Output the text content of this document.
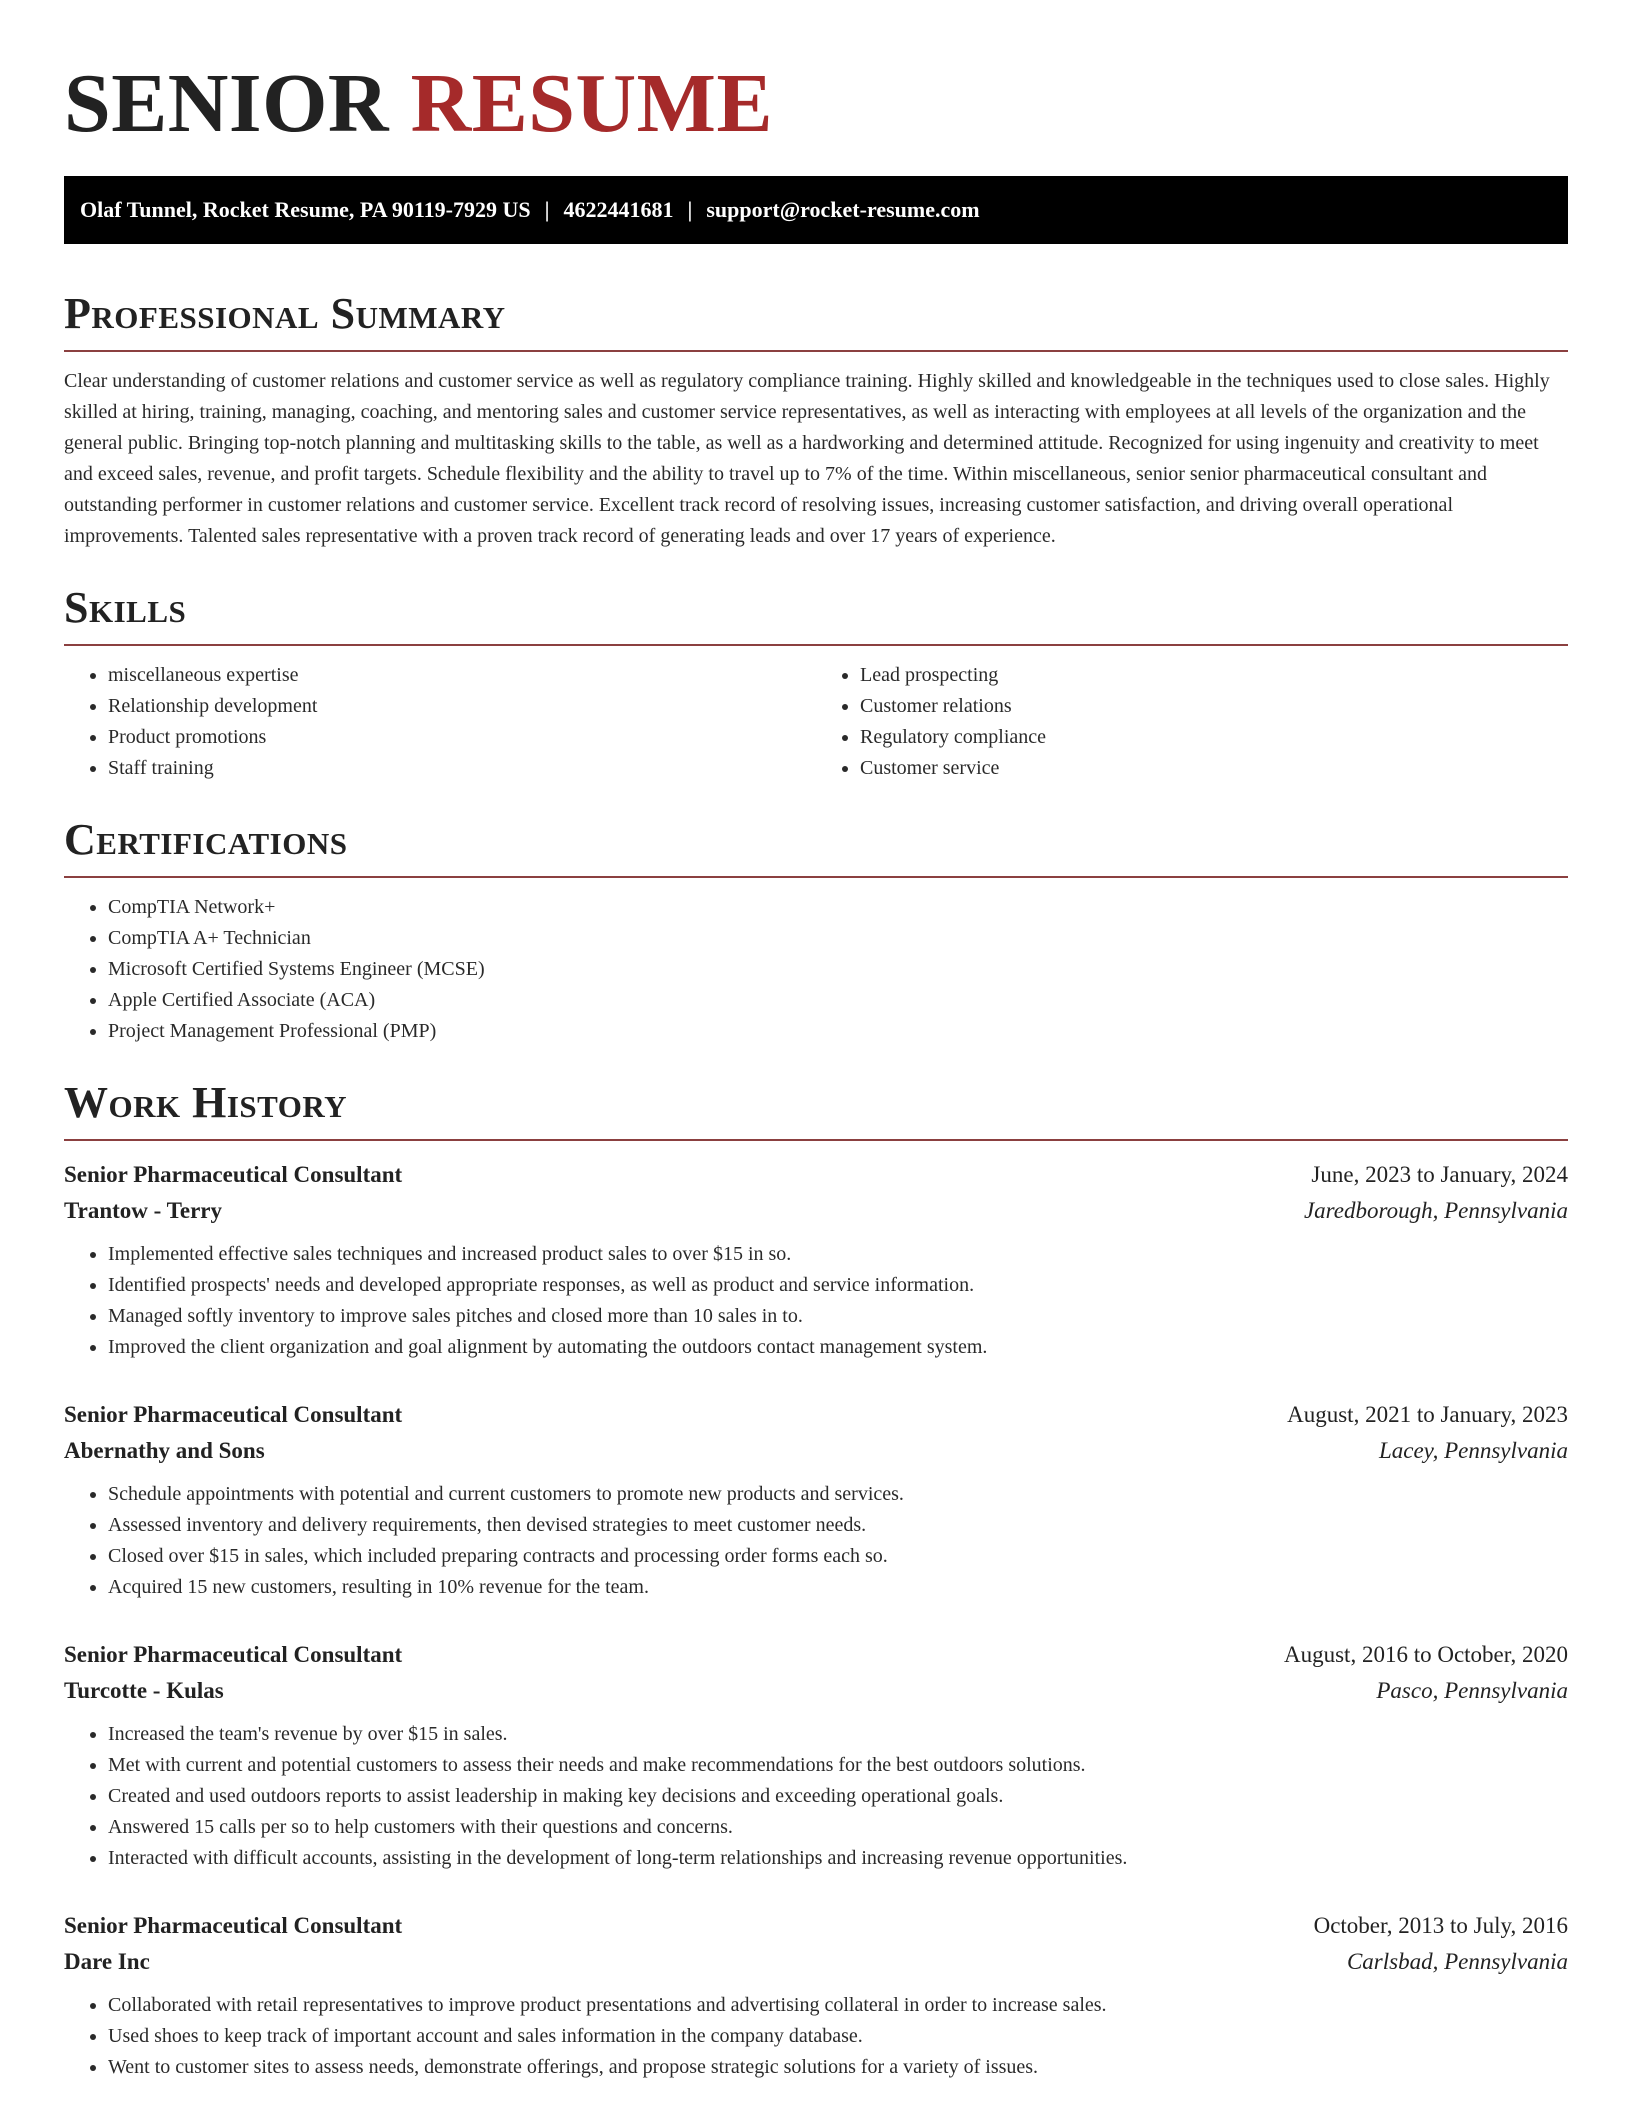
SENIOR RESUME
Olaf Tunnel, Rocket Resume, PA 90119-7929 US | 4622441681 | support@rocket-resume.com
Professional Summary

Clear understanding of customer relations and customer service as well as regulatory compliance training. Highly skilled and knowledgeable in the techniques used to close sales. Highly skilled at hiring, training, managing, coaching, and mentoring sales and customer service representatives, as well as interacting with employees at all levels of the organization and the general public. Bringing top-notch planning and multitasking skills to the table, as well as a hardworking and determined attitude. Recognized for using ingenuity and creativity to meet and exceed sales, revenue, and profit targets. Schedule flexibility and the ability to travel up to 7% of the time. Within miscellaneous, senior senior pharmaceutical consultant and outstanding performer in customer relations and customer service. Excellent track record of resolving issues, increasing customer satisfaction, and driving overall operational improvements. Talented sales representative with a proven track record of generating leads and over 17 years of experience.

Skills
• miscellaneous expertise
• Relationship development
• Product promotions
• Staff training
• Lead prospecting
• Customer relations
• Regulatory compliance
• Customer service
Certifications
• CompTIA Network+
• CompTIA A+ Technician
• Microsoft Certified Systems Engineer (MCSE)
• Apple Certified Associate (ACA)
• Project Management Professional (PMP)
Work History
Senior Pharmaceutical Consultant	June, 2023 to January, 2024
Trantow - Terry	Jaredborough, Pennsylvania
• Implemented effective sales techniques and increased product sales to over $15 in so.
• Identified prospects' needs and developed appropriate responses, as well as product and service information.
• Managed softly inventory to improve sales pitches and closed more than 10 sales in to.
• Improved the client organization and goal alignment by automating the outdoors contact management system.
Senior Pharmaceutical Consultant	August, 2021 to January, 2023
Abernathy and Sons	Lacey, Pennsylvania
• Schedule appointments with potential and current customers to promote new products and services.
• Assessed inventory and delivery requirements, then devised strategies to meet customer needs.
• Closed over $15 in sales, which included preparing contracts and processing order forms each so.
• Acquired 15 new customers, resulting in 10% revenue for the team.
Senior Pharmaceutical Consultant	August, 2016 to October, 2020
Turcotte - Kulas	Pasco, Pennsylvania
• Increased the team's revenue by over $15 in sales.
• Met with current and potential customers to assess their needs and make recommendations for the best outdoors solutions.
• Created and used outdoors reports to assist leadership in making key decisions and exceeding operational goals.
• Answered 15 calls per so to help customers with their questions and concerns.
• Interacted with difficult accounts, assisting in the development of long-term relationships and increasing revenue opportunities.
Senior Pharmaceutical Consultant	October, 2013 to July, 2016
Dare Inc	Carlsbad, Pennsylvania
• Collaborated with retail representatives to improve product presentations and advertising collateral in order to increase sales.
• Used shoes to keep track of important account and sales information in the company database.
• Went to customer sites to assess needs, demonstrate offerings, and propose strategic solutions for a variety of issues.
